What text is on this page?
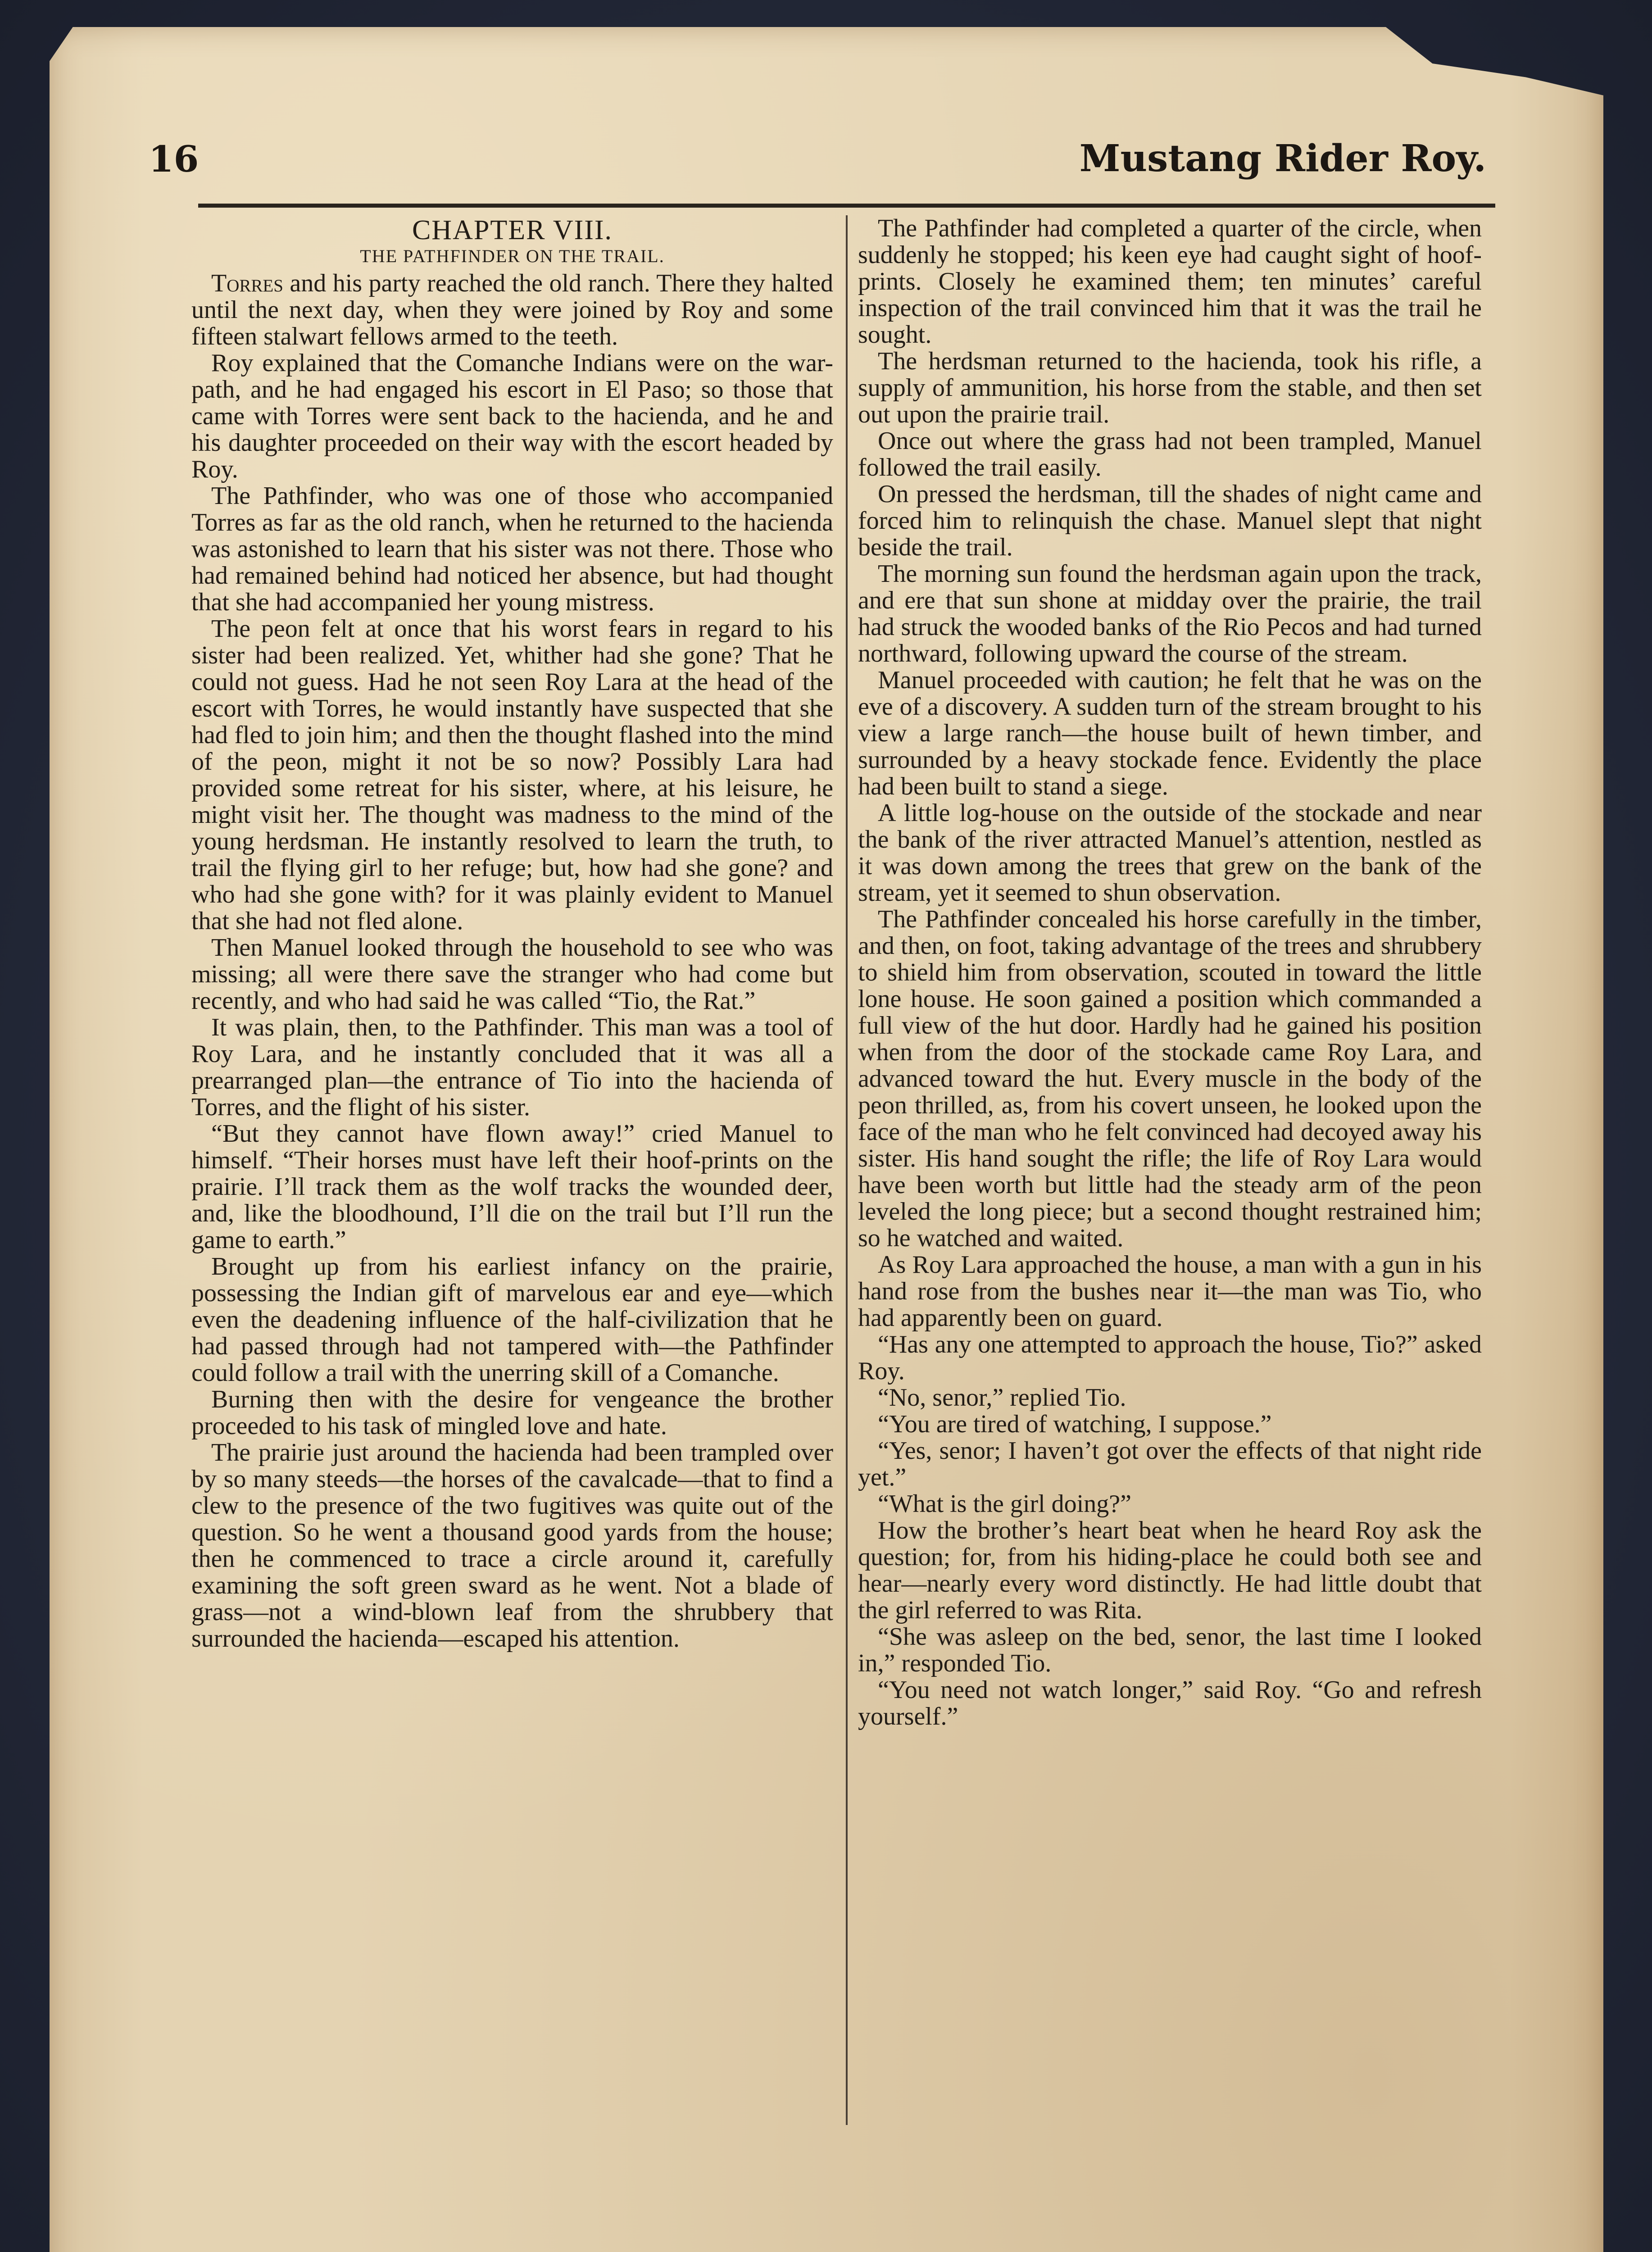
16	Mustang Rider Roy.

CHAPTER VIII.

THE PATHFINDER ON THE TRAIL.

Torres and his party reached the old ranch. There they halted until the next day, when they were joined by Roy and some fifteen stalwart fellows armed to the teeth.

Roy explained that the Comanche Indians were on the war-path, and he had engaged his escort in El Paso; so those that came with Torres were sent back to the hacienda, and he and his daughter proceeded on their way with the escort headed by Roy.

The Pathfinder, who was one of those who accompanied Torres as far as the old ranch, when he returned to the hacienda was astonished to learn that his sister was not there. Those who had remained behind had noticed her absence, but had thought that she had accompanied her young mistress.

The peon felt at once that his worst fears in regard to his sister had been realized. Yet, whither had she gone? That he could not guess. Had he not seen Roy Lara at the head of the escort with Torres, he would instantly have suspected that she had fled to join him; and then the thought flashed into the mind of the peon, might it not be so now? Possibly Lara had provided some retreat for his sister, where, at his leisure, he might visit her. The thought was madness to the mind of the young herdsman. He instantly resolved to learn the truth, to trail the flying girl to her refuge; but, how had she gone? and who had she gone with? for it was plainly evident to Manuel that she had not fled alone.

Then Manuel looked through the household to see who was missing; all were there save the stranger who had come but recently, and who had said he was called “Tio, the Rat.”

It was plain, then, to the Pathfinder. This man was a tool of Roy Lara, and he instantly concluded that it was all a prearranged plan—the entrance of Tio into the hacienda of Torres, and the flight of his sister.

“But they cannot have flown away!” cried Manuel to himself. “Their horses must have left their hoof-prints on the prairie. I’ll track them as the wolf tracks the wounded deer, and, like the bloodhound, I’ll die on the trail but I’ll run the game to earth.”

Brought up from his earliest infancy on the prairie, possessing the Indian gift of marvelous ear and eye—which even the deadening influence of the half-civilization that he had passed through had not tampered with—the Pathfinder could follow a trail with the unerring skill of a Comanche.

Burning then with the desire for vengeance the brother proceeded to his task of mingled love and hate.

The prairie just around the hacienda had been trampled over by so many steeds—the horses of the cavalcade—that to find a clew to the presence of the two fugitives was quite out of the question. So he went a thousand good yards from the house; then he commenced to trace a circle around it, carefully examining the soft green sward as he went. Not a blade of grass—not a wind-blown leaf from the shrubbery that surrounded the hacienda—escaped his attention.

The Pathfinder had completed a quarter of the circle, when suddenly he stopped; his keen eye had caught sight of hoof-prints. Closely he examined them; ten minutes’ careful inspection of the trail convinced him that it was the trail he sought.

The herdsman returned to the hacienda, took his rifle, a supply of ammunition, his horse from the stable, and then set out upon the prairie trail.

Once out where the grass had not been trampled, Manuel followed the trail easily.

On pressed the herdsman, till the shades of night came and forced him to relinquish the chase. Manuel slept that night beside the trail.

The morning sun found the herdsman again upon the track, and ere that sun shone at midday over the prairie, the trail had struck the wooded banks of the Rio Pecos and had turned northward, following upward the course of the stream.

Manuel proceeded with caution; he felt that he was on the eve of a discovery. A sudden turn of the stream brought to his view a large ranch—the house built of hewn timber, and surrounded by a heavy stockade fence. Evidently the place had been built to stand a siege.

A little log-house on the outside of the stockade and near the bank of the river attracted Manuel’s attention, nestled as it was down among the trees that grew on the bank of the stream, yet it seemed to shun observation.

The Pathfinder concealed his horse carefully in the timber, and then, on foot, taking advantage of the trees and shrubbery to shield him from observation, scouted in toward the little lone house. He soon gained a position which commanded a full view of the hut door. Hardly had he gained his position when from the door of the stockade came Roy Lara, and advanced toward the hut. Every muscle in the body of the peon thrilled, as, from his covert unseen, he looked upon the face of the man who he felt convinced had decoyed away his sister. His hand sought the rifle; the life of Roy Lara would have been worth but little had the steady arm of the peon leveled the long piece; but a second thought restrained him; so he watched and waited.

As Roy Lara approached the house, a man with a gun in his hand rose from the bushes near it—the man was Tio, who had apparently been on guard.

“Has any one attempted to approach the house, Tio?” asked Roy.

“No, senor,” replied Tio.

“You are tired of watching, I suppose.”

“Yes, senor; I haven’t got over the effects of that night ride yet.”

“What is the girl doing?”

How the brother’s heart beat when he heard Roy ask the question; for, from his hiding-place he could both see and hear—nearly every word distinctly. He had little doubt that the girl referred to was Rita.

“She was asleep on the bed, senor, the last time I looked in,” responded Tio.

“You need not watch longer,” said Roy. “Go and refresh yourself.”
